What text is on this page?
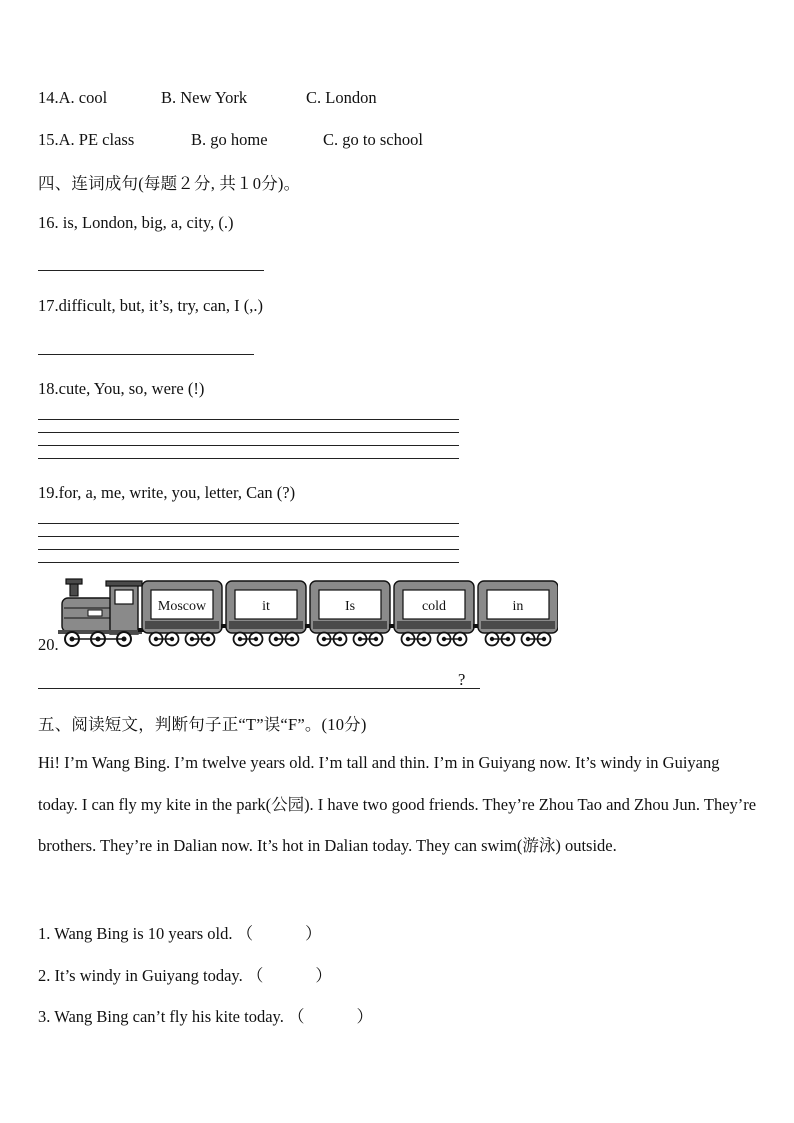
14.A. cool	B. New York	C. London
15.A. PE class	B. go home	C. go to school
四、连词成句(每题２分, 共１0分)。
16. is, London, big, a, city, (.)
17.difficult, but, it’s, try, can, I (,.)
18.cute, You, so, were (!)
19.for, a, me, write, you, letter, Can (?)
20.
Moscow	it	Is	cold	in
?
五、阅读短文，判断句子正“T”误“F”。(10分)
Hi! I’m Wang Bing. I’m twelve years old. I’m tall and thin. I’m in Guiyang now. It’s windy in Guiyang today. I can fly my kite in the park(公园). I have two good friends. They’re Zhou Tao and Zhou Jun. They’re brothers. They’re in Dalian now. It’s hot in Dalian today. They can swim(游泳) outside.
1. Wang Bing is 10 years old. （	）
2. It’s windy in Guiyang today. （	）
3. Wang Bing can’t fly his kite today. （	）
